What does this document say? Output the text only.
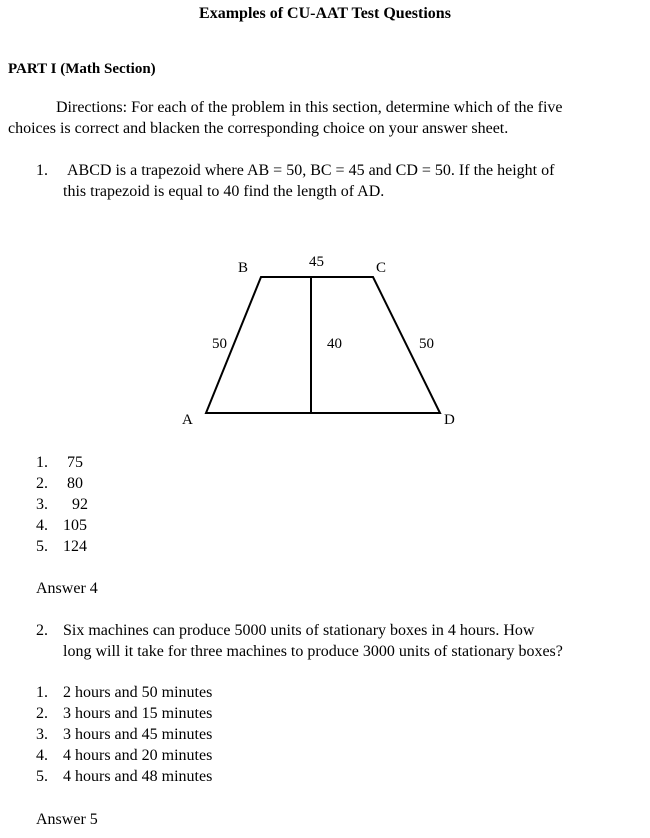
Examples of CU-AAT Test Questions
PART I (Math Section)
Directions: For each of the problem in this section, determine which of the five
choices is correct and blacken the corresponding choice on your answer sheet.
1. ABCD is a trapezoid where AB = 50, BC = 45 and CD = 50. If the height of
this trapezoid is equal to 40 find the length of AD.
B	45	C
50	40	50
A	D
1. 75
2. 80
3. 92
4. 105
5. 124
Answer 4
2. Six machines can produce 5000 units of stationary boxes in 4 hours. How
long will it take for three machines to produce 3000 units of stationary boxes?
1. 2 hours and 50 minutes
2. 3 hours and 15 minutes
3. 3 hours and 45 minutes
4. 4 hours and 20 minutes
5. 4 hours and 48 minutes
Answer 5
